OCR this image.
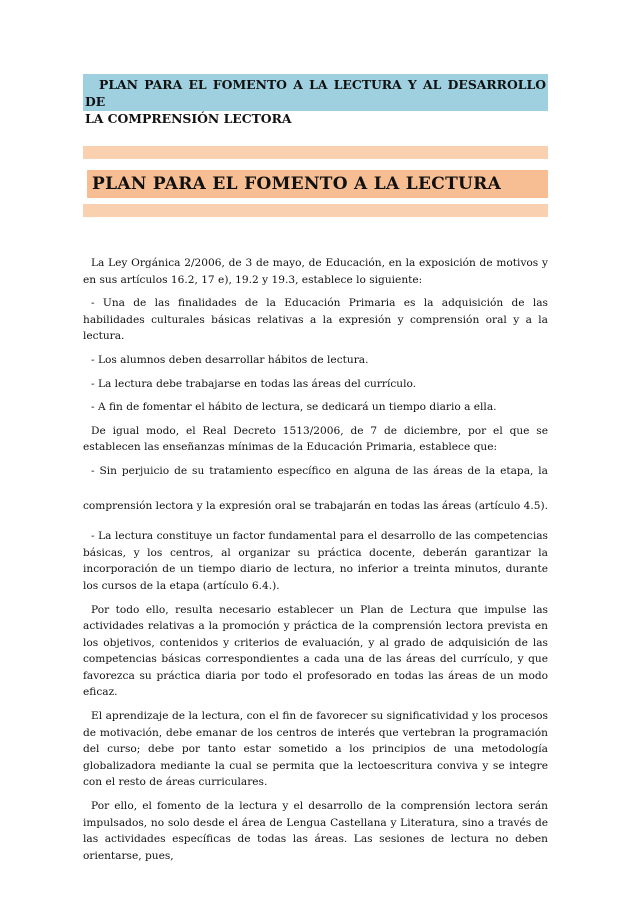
PLAN PARA EL FOMENTO A LA LECTURA Y AL DESARROLLO DE
LA COMPRENSIÓN LECTORA
PLAN PARA EL FOMENTO A LA LECTURA

La Ley Orgánica 2/2006, de 3 de mayo, de Educación, en la exposición de motivos y en sus artículos 16.2, 17 e), 19.2 y 19.3, establece lo siguiente:

- Una de las finalidades de la Educación Primaria es la adquisición de las habilidades culturales básicas relativas a la expresión y comprensión oral y a la lectura.

- Los alumnos deben desarrollar hábitos de lectura.

- La lectura debe trabajarse en todas las áreas del currículo.

- A fin de fomentar el hábito de lectura, se dedicará un tiempo diario a ella.

De igual modo, el Real Decreto 1513/2006, de 7 de diciembre, por el que se establecen las enseñanzas mínimas de la Educación Primaria, establece que:

- Sin perjuicio de su tratamiento específico en alguna de las áreas de la etapa, la

comprensión lectora y la expresión oral se trabajarán en todas las áreas (artículo 4.5).

- La lectura constituye un factor fundamental para el desarrollo de las competencias básicas, y los centros, al organizar su práctica docente, deberán garantizar la incorporación de un tiempo diario de lectura, no inferior a treinta minutos, durante los cursos de la etapa (artículo 6.4.).

Por todo ello, resulta necesario establecer un Plan de Lectura que impulse las actividades relativas a la promoción y práctica de la comprensión lectora prevista en los objetivos, contenidos y criterios de evaluación, y al grado de adquisición de las competencias básicas correspondientes a cada una de las áreas del currículo, y que favorezca su práctica diaria por todo el profesorado en todas las áreas de un modo eficaz.

El aprendizaje de la lectura, con el fin de favorecer su significatividad y los procesos de motivación, debe emanar de los centros de interés que vertebran la programación del curso; debe por tanto estar sometido a los principios de una metodología globalizadora mediante la cual se permita que la lectoescritura conviva y se integre con el resto de áreas curriculares.

Por ello, el fomento de la lectura y el desarrollo de la comprensión lectora serán impulsados, no solo desde el área de Lengua Castellana y Literatura, sino a través de las actividades específicas de todas las áreas. Las sesiones de lectura no deben orientarse, pues,
